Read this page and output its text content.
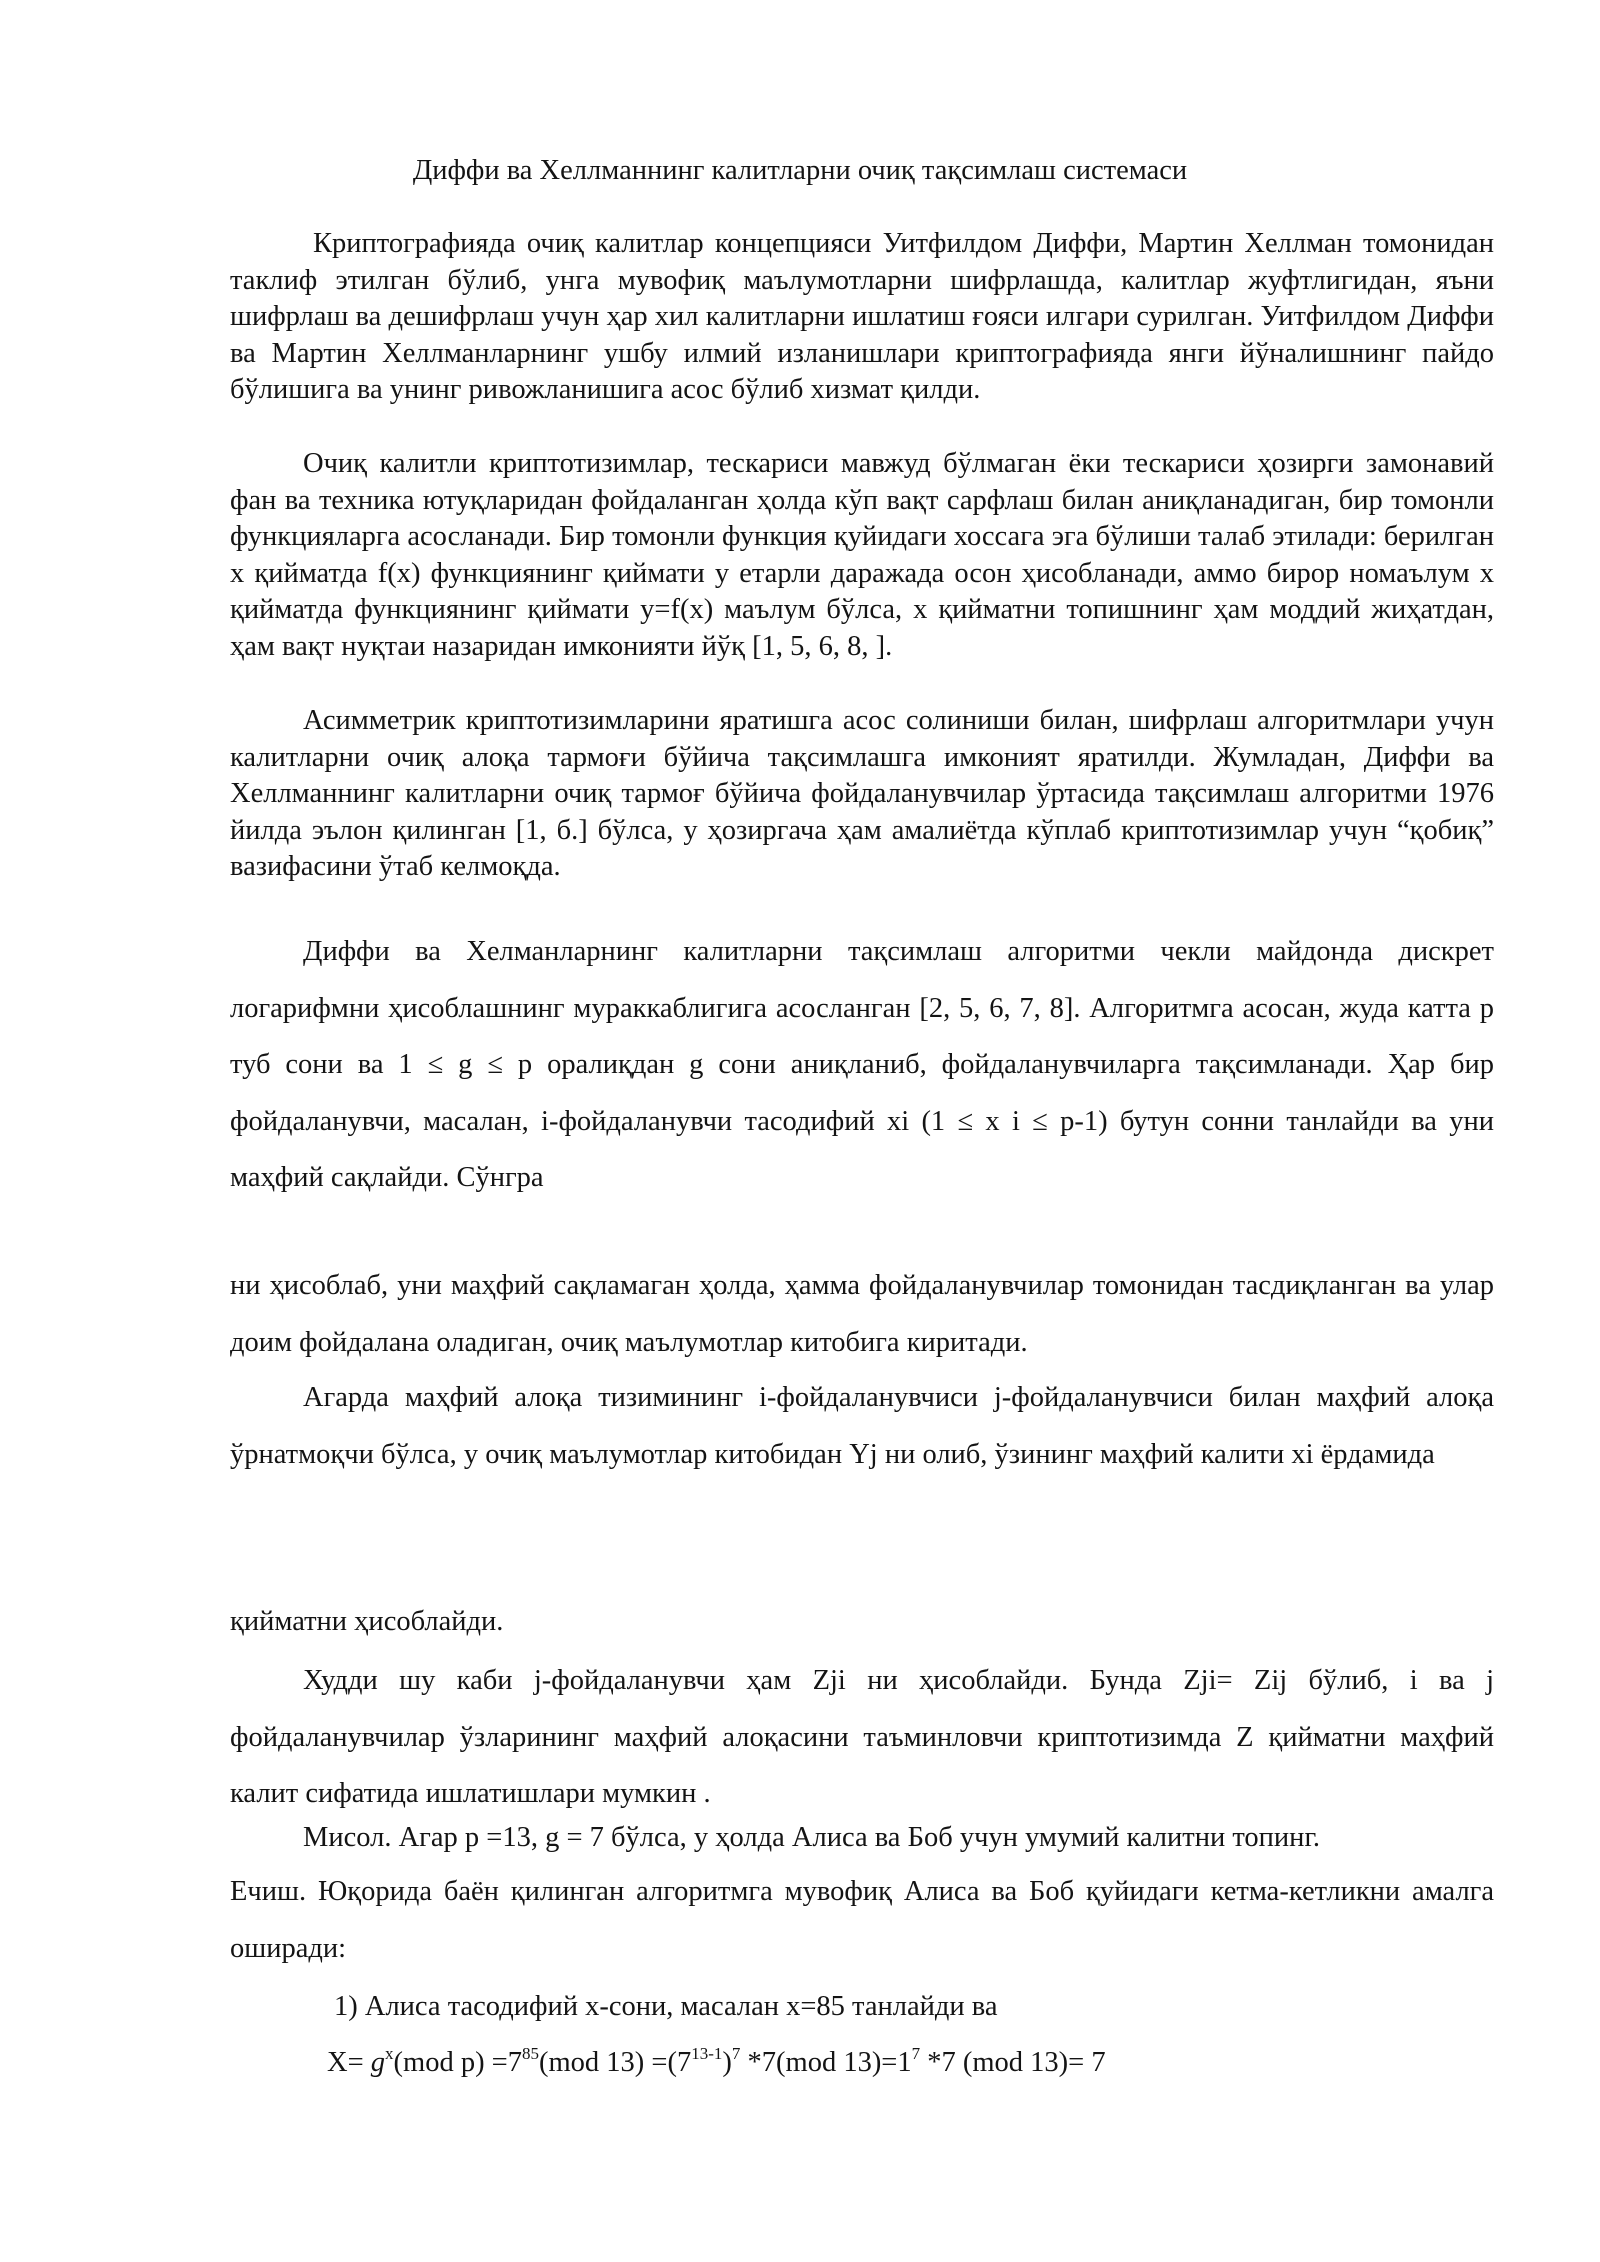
Диффи ва Хеллманнинг калитларни очиқ тақсимлаш системаси
Криптографияда очиқ калитлар концепцияси Уитфилдом Диффи, Мартин Хеллман томонидан таклиф этилган бўлиб, унга мувофиқ маълумотларни шифрлашда, калитлар жуфтлигидан, яъни шифрлаш ва дешифрлаш учун ҳар хил калитларни ишлатиш ғояси илгари сурилган. Уитфилдом Диффи ва Мартин Хеллманларнинг ушбу илмий изланишлари криптографияда янги йўналишнинг пайдо бўлишига ва унинг ривожланишига асос бўлиб хизмат қилди.
Очиқ калитли криптотизимлар, тескариси мавжуд бўлмаган ёки тескариси ҳозирги замонавий фан ва техника ютуқларидан фойдаланган ҳолда кўп вақт сарфлаш билан аниқланадиган, бир томонли функцияларга асосланади. Бир томонли функция қуйидаги хоссага эга бўлиши талаб этилади: берилган x қийматда f(x) функциянинг қиймати y етарли даражада осон ҳисобланади, аммо бирор номаълум x қийматда функциянинг қиймати y=f(x) маълум бўлса, x қийматни топишнинг ҳам моддий жиҳатдан, ҳам вақт нуқтаи назаридан имконияти йўқ [1, 5, 6, 8, ].
Асимметрик криптотизимларини яратишга асос солиниши билан, шифрлаш алгоритмлари учун калитларни очиқ алоқа тармоғи бўйича тақсимлашга имконият яратилди. Жумладан, Диффи ва Хеллманнинг калитларни очиқ тармоғ бўйича фойдаланувчилар ўртасида тақсимлаш алгоритми 1976 йилда эълон қилинган [1, б.] бўлса, у ҳозиргача ҳам амалиётда кўплаб криптотизимлар учун “қобиқ” вазифасини ўтаб келмоқда.
Диффи ва Хелманларнинг калитларни тақсимлаш алгоритми чекли майдонда дискрет логарифмни ҳисоблашнинг мураккаблигига асосланган [2, 5, 6, 7, 8]. Алгоритмга асосан, жуда катта p туб сони ва 1 ≤ g ≤ p оралиқдан g сони аниқланиб, фойдаланувчиларга тақсимланади. Ҳар бир фойдаланувчи, масалан, i-фойдаланувчи тасодифий xi (1 ≤ x i ≤ p-1) бутун сонни танлайди ва уни маҳфий сақлайди. Сўнгра
ни ҳисоблаб, уни маҳфий сақламаган ҳолда, ҳамма фойдаланувчилар томонидан тасдиқланган ва улар доим фойдалана оладиган, очиқ маълумотлар китобига киритади.
Агарда маҳфий алоқа тизимининг i-фойдаланувчиси j-фойдаланувчиси билан маҳфий алоқа ўрнатмоқчи бўлса, у очиқ маълумотлар китобидан Yj ни олиб, ўзининг маҳфий калити xi ёрдамида
қийматни ҳисоблайди.
Худди шу каби j-фойдаланувчи ҳам Zji ни ҳисоблайди. Бунда Zji= Zij бўлиб, i ва j фойдаланувчилар ўзларининг маҳфий алоқасини таъминловчи криптотизимда Z қийматни маҳфий калит сифатида ишлатишлари мумкин .
Мисол. Агар p =13, g = 7 бўлса, у ҳолда Алиса ва Боб учун умумий калитни топинг.
Ечиш. Юқорида баён қилинган алгоритмга мувофиқ Алиса ва Боб қуйидаги кетма-кетликни амалга оширади:
1) Алиса тасодифий x-сони, масалан x=85 танлайди ва
$X= g^x(mod$ $p) =7^{85}(mod$ $13) =(7^{13-1})^7$ *7(mod $13)=1^7$ *7 (mod 13)= 7
